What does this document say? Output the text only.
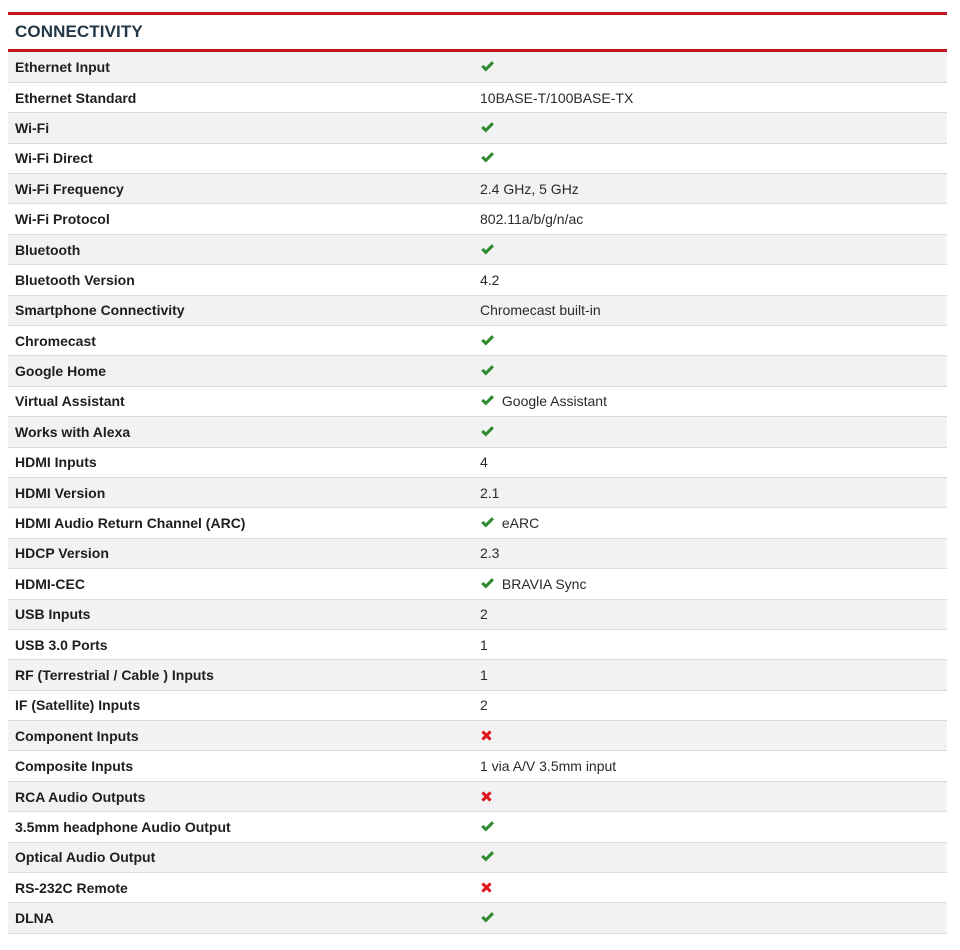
CONNECTIVITY
Ethernet Input	
Ethernet Standard	10BASE-T/100BASE-TX
Wi-Fi	
Wi-Fi Direct	
Wi-Fi Frequency	2.4 GHz, 5 GHz
Wi-Fi Protocol	802.11a/b/g/n/ac
Bluetooth	
Bluetooth Version	4.2
Smartphone Connectivity	Chromecast built-in
Chromecast	
Google Home	
Virtual Assistant	Google Assistant
Works with Alexa	
HDMI Inputs	4
HDMI Version	2.1
HDMI Audio Return Channel (ARC)	eARC
HDCP Version	2.3
HDMI-CEC	BRAVIA Sync
USB Inputs	2
USB 3.0 Ports	1
RF (Terrestrial / Cable ) Inputs	1
IF (Satellite) Inputs	2
Component Inputs	
Composite Inputs	1 via A/V 3.5mm input
RCA Audio Outputs	
3.5mm headphone Audio Output	
Optical Audio Output	
RS-232C Remote	
DLNA	
